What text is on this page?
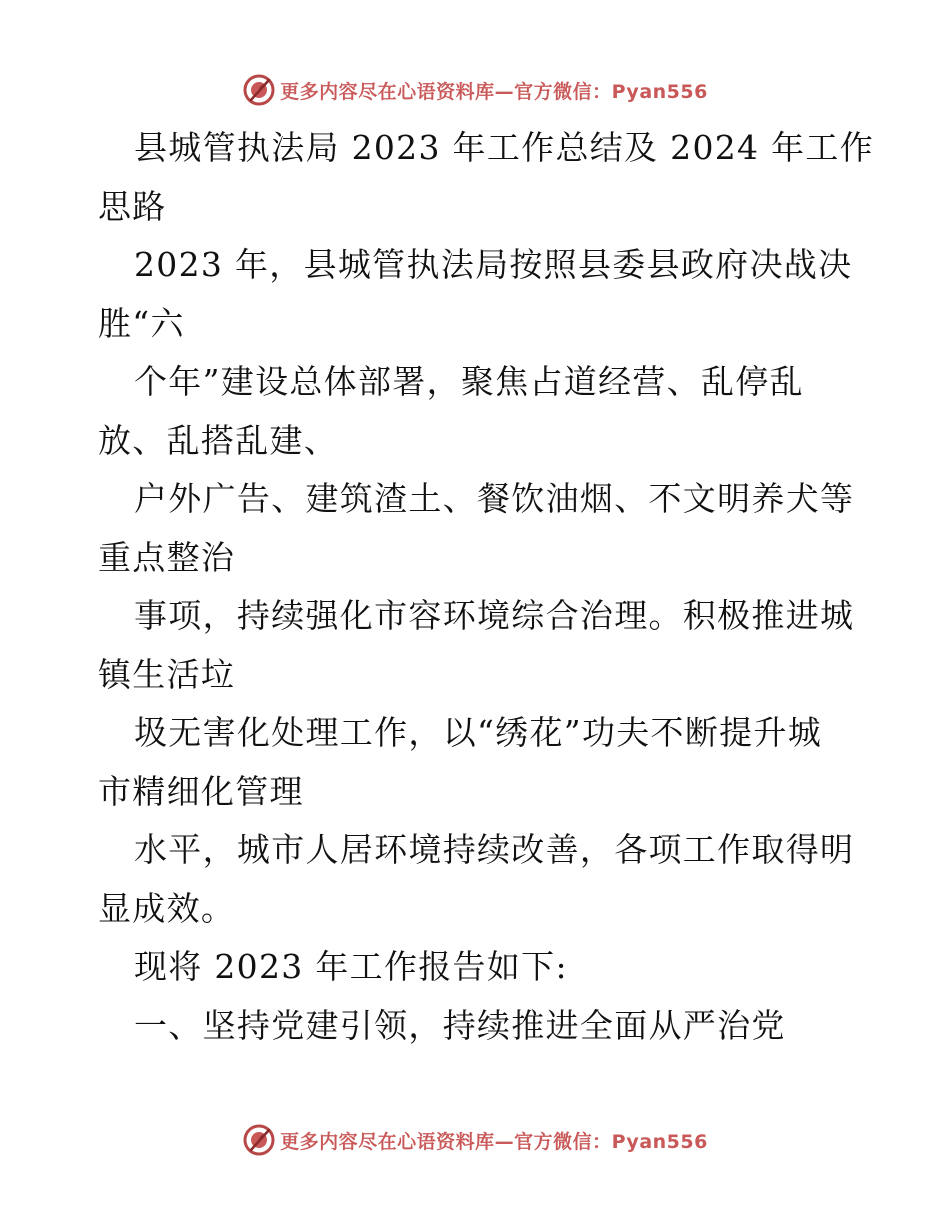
更多内容尽在心语资料库—官方微信：Pyan556
县城管执法局 2023 年工作总结及 2024 年工作
思路
2023 年，县城管执法局按照县委县政府决战决
胜“六
个年”建设总体部署，聚焦占道经营、乱停乱
放、乱搭乱建、
户外广告、建筑渣土、餐饮油烟、不文明养犬等
重点整治
事项，持续强化市容环境综合治理。积极推进城
镇生活垃
圾无害化处理工作，以“绣花”功夫不断提升城
市精细化管理
水平，城市人居环境持续改善，各项工作取得明
显成效。
现将 2023 年工作报告如下:
一、坚持党建引领，持续推进全面从严治党
更多内容尽在心语资料库—官方微信：Pyan556
